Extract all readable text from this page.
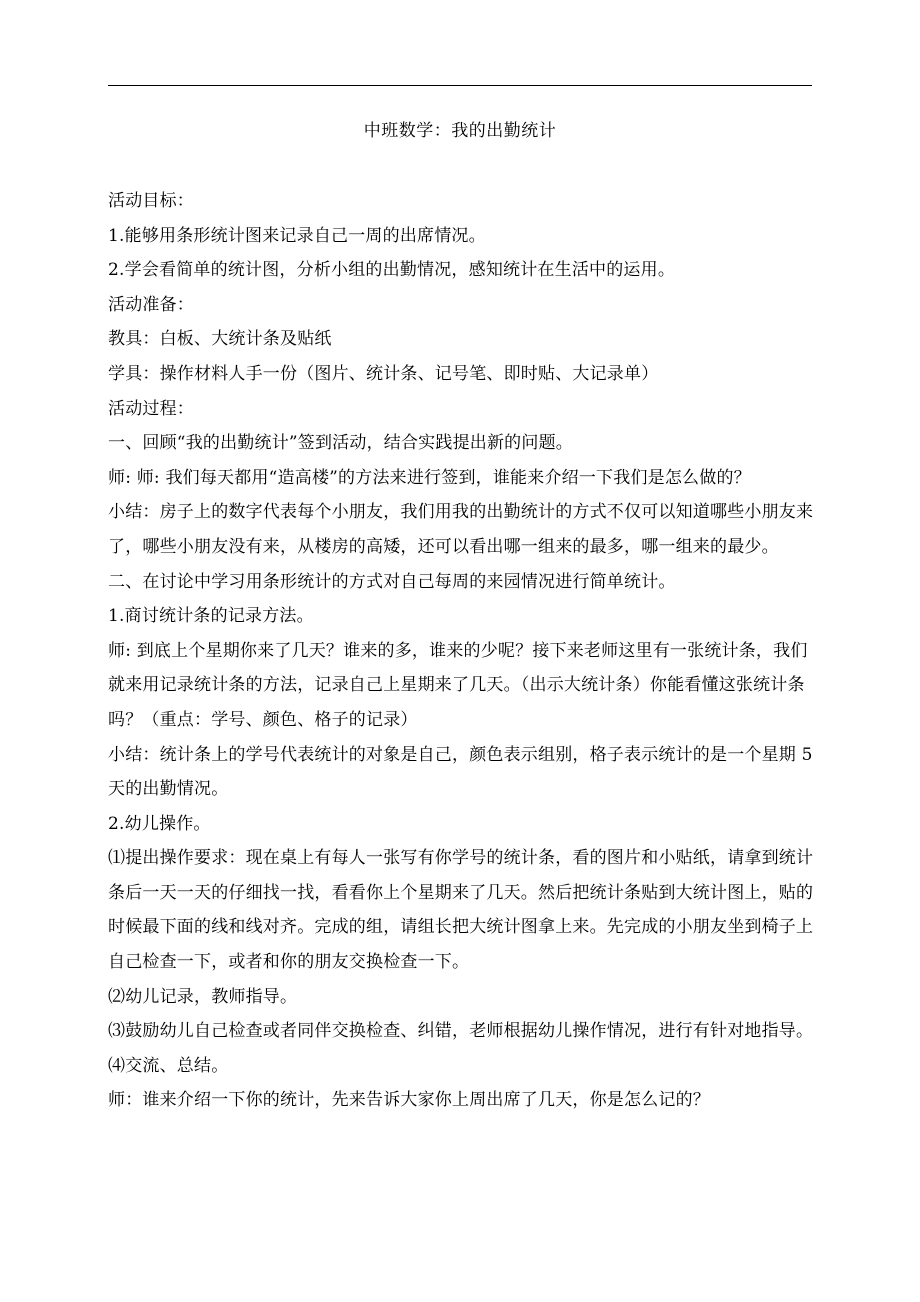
中班数学：我的出勤统计

活动目标：

1.能够用条形统计图来记录自己一周的出席情况。

2.学会看简单的统计图，分析小组的出勤情况，感知统计在生活中的运用。

活动准备：

教具：白板、大统计条及贴纸

学具：操作材料人手一份（图片、统计条、记号笔、即时贴、大记录单）

活动过程：

一、回顾“我的出勤统计”签到活动，结合实践提出新的问题。

师: 师: 我们每天都用“造高楼”的方法来进行签到，谁能来介绍一下我们是怎么做的？

小结：房子上的数字代表每个小朋友，我们用我的出勤统计的方式不仅可以知道哪些小朋友来了，哪些小朋友没有来，从楼房的高矮，还可以看出哪一组来的最多，哪一组来的最少。

二、在讨论中学习用条形统计的方式对自己每周的来园情况进行简单统计。

1.商讨统计条的记录方法。

师: 到底上个星期你来了几天？谁来的多，谁来的少呢？接下来老师这里有一张统计条，我们就来用记录统计条的方法，记录自己上星期来了几天。（出示大统计条）你能看懂这张统计条吗？（重点：学号、颜色、格子的记录）

小结：统计条上的学号代表统计的对象是自己，颜色表示组别，格子表示统计的是一个星期 5 天的出勤情况。

2.幼儿操作。

⑴提出操作要求：现在桌上有每人一张写有你学号的统计条，看的图片和小贴纸，请拿到统计条后一天一天的仔细找一找，看看你上个星期来了几天。然后把统计条贴到大统计图上，贴的时候最下面的线和线对齐。完成的组，请组长把大统计图拿上来。先完成的小朋友坐到椅子上自己检查一下，或者和你的朋友交换检查一下。

⑵幼儿记录，教师指导。

⑶鼓励幼儿自己检查或者同伴交换检查、纠错，老师根据幼儿操作情况，进行有针对地指导。

⑷交流、总结。

师：谁来介绍一下你的统计，先来告诉大家你上周出席了几天，你是怎么记的？
